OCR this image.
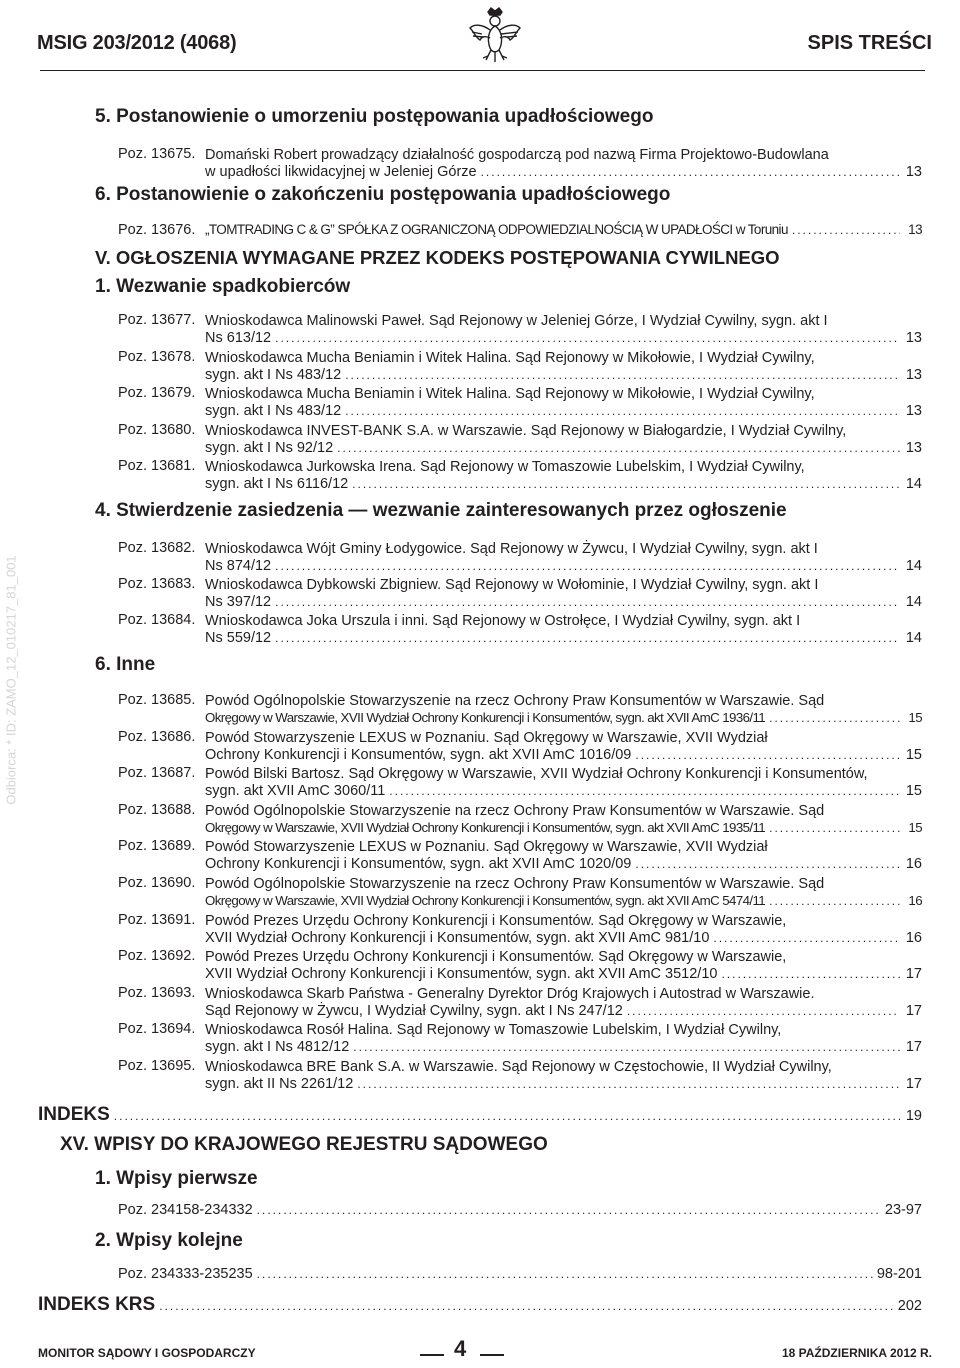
MSIG 203/2012 (4068)	SPIS TREŚCI
Odbiorca: * ID: ZAMO_12_010217_81_001
5. Postanowienie o umorzeniu postępowania upadłościowego
Poz. 13675. Domański Robert prowadzący działalność gospodarczą pod nazwą Firma Projektowo-Budowlana
w upadłości likwidacyjnej w Jeleniej Górze .....	13
6. Postanowienie o zakończeniu postępowania upadłościowego
Poz. 13676. „TOMTRADING C & G” SPÓŁKA Z OGRANICZONĄ ODPOWIEDZIALNOŚCIĄ W UPADŁOŚCI w Toruniu .....	13
V. OGŁOSZENIA WYMAGANE PRZEZ KODEKS POSTĘPOWANIA CYWILNEGO
1. Wezwanie spadkobierców
Poz. 13677. Wnioskodawca Malinowski Paweł. Sąd Rejonowy w Jeleniej Górze, I Wydział Cywilny, sygn. akt I
Ns 613/12 .....	13
Poz. 13678. Wnioskodawca Mucha Beniamin i Witek Halina. Sąd Rejonowy w Mikołowie, I Wydział Cywilny,
sygn. akt I Ns 483/12 .....	13
Poz. 13679. Wnioskodawca Mucha Beniamin i Witek Halina. Sąd Rejonowy w Mikołowie, I Wydział Cywilny,
sygn. akt I Ns 483/12 .....	13
Poz. 13680. Wnioskodawca INVEST-BANK S.A. w Warszawie. Sąd Rejonowy w Białogardzie, I Wydział Cywilny,
sygn. akt I Ns 92/12 .....	13
Poz. 13681. Wnioskodawca Jurkowska Irena. Sąd Rejonowy w Tomaszowie Lubelskim, I Wydział Cywilny,
sygn. akt I Ns 6116/12 .....	14
4. Stwierdzenie zasiedzenia — wezwanie zainteresowanych przez ogłoszenie
Poz. 13682. Wnioskodawca Wójt Gminy Łodygowice. Sąd Rejonowy w Żywcu, I Wydział Cywilny, sygn. akt I
Ns 874/12 .....	14
Poz. 13683. Wnioskodawca Dybkowski Zbigniew. Sąd Rejonowy w Wołominie, I Wydział Cywilny, sygn. akt I
Ns 397/12 .....	14
Poz. 13684. Wnioskodawca Joka Urszula i inni. Sąd Rejonowy w Ostrołęce, I Wydział Cywilny, sygn. akt I
Ns 559/12 .....	14
6. Inne
Poz. 13685. Powód Ogólnopolskie Stowarzyszenie na rzecz Ochrony Praw Konsumentów w Warszawie. Sąd
Okręgowy w Warszawie, XVII Wydział Ochrony Konkurencji i Konsumentów, sygn. akt XVII AmC 1936/11 .....	15
Poz. 13686. Powód Stowarzyszenie LEXUS w Poznaniu. Sąd Okręgowy w Warszawie, XVII Wydział
Ochrony Konkurencji i Konsumentów, sygn. akt XVII AmC 1016/09 .....	15
Poz. 13687. Powód Bilski Bartosz. Sąd Okręgowy w Warszawie, XVII Wydział Ochrony Konkurencji i Konsumentów,
sygn. akt XVII AmC 3060/11 .....	15
Poz. 13688. Powód Ogólnopolskie Stowarzyszenie na rzecz Ochrony Praw Konsumentów w Warszawie. Sąd
Okręgowy w Warszawie, XVII Wydział Ochrony Konkurencji i Konsumentów, sygn. akt XVII AmC 1935/11 .....	15
Poz. 13689. Powód Stowarzyszenie LEXUS w Poznaniu. Sąd Okręgowy w Warszawie, XVII Wydział
Ochrony Konkurencji i Konsumentów, sygn. akt XVII AmC 1020/09 .....	16
Poz. 13690. Powód Ogólnopolskie Stowarzyszenie na rzecz Ochrony Praw Konsumentów w Warszawie. Sąd
Okręgowy w Warszawie, XVII Wydział Ochrony Konkurencji i Konsumentów, sygn. akt XVII AmC 5474/11 .....	16
Poz. 13691. Powód Prezes Urzędu Ochrony Konkurencji i Konsumentów. Sąd Okręgowy w Warszawie,
XVII Wydział Ochrony Konkurencji i Konsumentów, sygn. akt XVII AmC 981/10 .....	16
Poz. 13692. Powód Prezes Urzędu Ochrony Konkurencji i Konsumentów. Sąd Okręgowy w Warszawie,
XVII Wydział Ochrony Konkurencji i Konsumentów, sygn. akt XVII AmC 3512/10 .....	17
Poz. 13693. Wnioskodawca Skarb Państwa - Generalny Dyrektor Dróg Krajowych i Autostrad w Warszawie.
Sąd Rejonowy w Żywcu, I Wydział Cywilny, sygn. akt I Ns 247/12 .....	17
Poz. 13694. Wnioskodawca Rosół Halina. Sąd Rejonowy w Tomaszowie Lubelskim, I Wydział Cywilny,
sygn. akt I Ns 4812/12 .....	17
Poz. 13695. Wnioskodawca BRE Bank S.A. w Warszawie. Sąd Rejonowy w Częstochowie, II Wydział Cywilny,
sygn. akt II Ns 2261/12 .....	17
INDEKS .....	19
XV. WPISY DO KRAJOWEGO REJESTRU SĄDOWEGO
1. Wpisy pierwsze
Poz. 234158-234332 .....	23-97
2. Wpisy kolejne
Poz. 234333-235235 .....	98-201
INDEKS KRS .....	202
MONITOR SĄDOWY I GOSPODARCZY	4	18 PAŹDZIERNIKA 2012 R.
